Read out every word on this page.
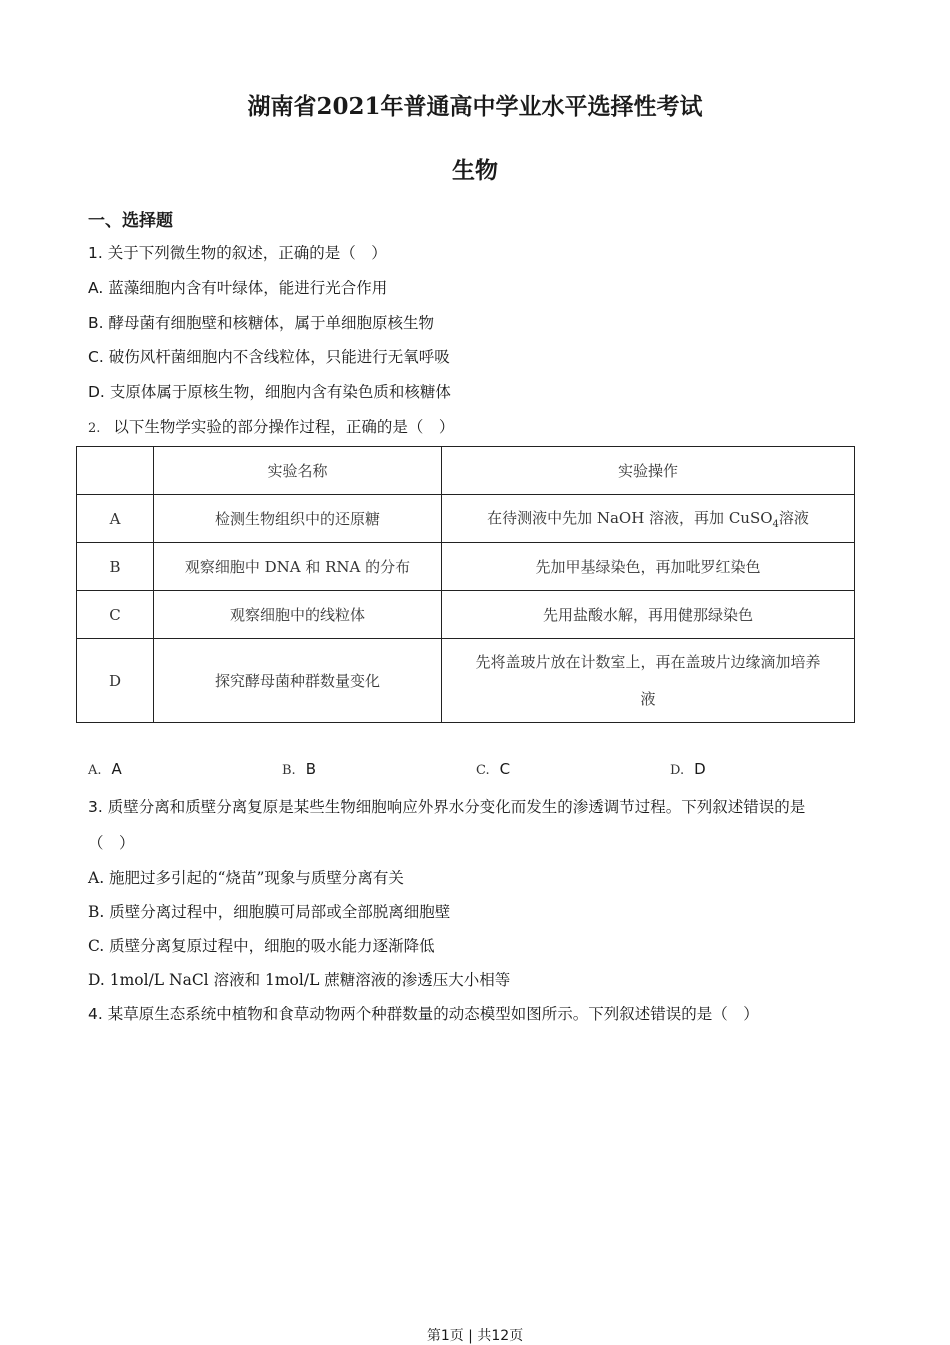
湖南省2021年普通高中学业水平选择性考试
生物
一、选择题
1. 关于下列微生物的叙述，正确的是（　）
A. 蓝藻细胞内含有叶绿体，能进行光合作用
B. 酵母菌有细胞壁和核糖体，属于单细胞原核生物
C. 破伤风杆菌细胞内不含线粒体，只能进行无氧呼吸
D. 支原体属于原核生物，细胞内含有染色质和核糖体
2. 以下生物学实验的部分操作过程，正确的是（　）
	实验名称	实验操作
A	检测生物组织中的还原糖	在待测液中先加 NaOH 溶液，再加 CuSO$_4$溶液
B	观察细胞中 DNA 和 RNA 的分布	先加甲基绿染色，再加吡罗红染色
C	观察细胞中的线粒体	先用盐酸水解，再用健那绿染色
D	探究酵母菌种群数量变化	先将盖玻片放在计数室上，再在盖玻片边缘滴加培养
液
A. A	B. B	C. C	D. D
3. 质壁分离和质壁分离复原是某些生物细胞响应外界水分变化而发生的渗透调节过程。下列叙述错误的是
（　）
A. 施肥过多引起的“烧苗”现象与质壁分离有关
B. 质壁分离过程中，细胞膜可局部或全部脱离细胞壁
C. 质壁分离复原过程中，细胞的吸水能力逐渐降低
D. 1mol/L NaCl 溶液和 1mol/L 蔗糖溶液的渗透压大小相等
4. 某草原生态系统中植物和食草动物两个种群数量的动态模型如图所示。下列叙述错误的是（　）
第1页 | 共12页
